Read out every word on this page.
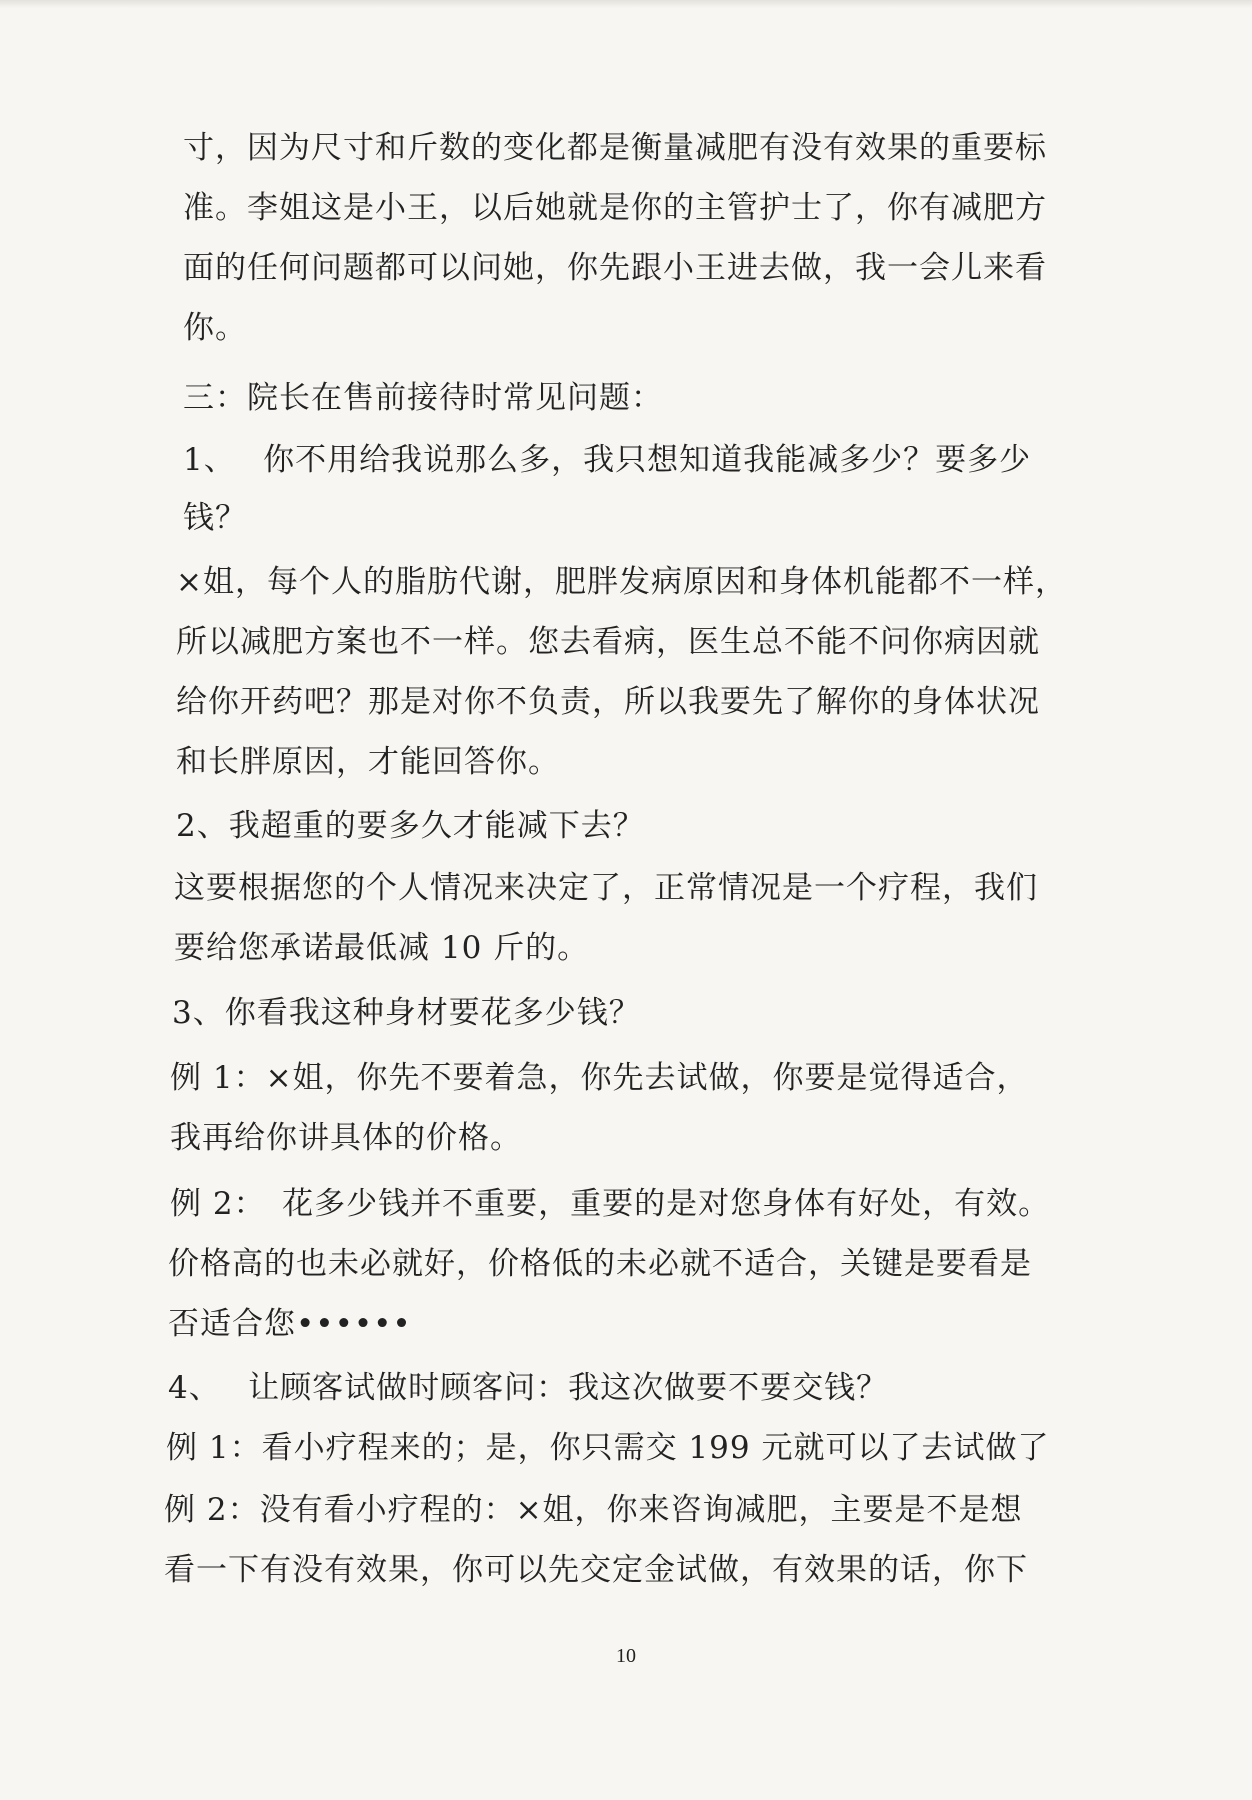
寸，因为尺寸和斤数的变化都是衡量减肥有没有效果的重要标
准。李姐这是小王，以后她就是你的主管护士了，你有减肥方
面的任何问题都可以问她，你先跟小王进去做，我一会儿来看
你。
三：院长在售前接待时常见问题：
1、　 你不用给我说那么多，我只想知道我能减多少？要多少
钱？
×姐，每个人的脂肪代谢，肥胖发病原因和身体机能都不一样，
所以减肥方案也不一样。您去看病，医生总不能不问你病因就
给你开药吧？那是对你不负责，所以我要先了解你的身体状况
和长胖原因，才能回答你。
2、我超重的要多久才能减下去？
这要根据您的个人情况来决定了，正常情况是一个疗程，我们
要给您承诺最低减 10 斤的。
3、你看我这种身材要花多少钱？
例 1：×姐，你先不要着急，你先去试做，你要是觉得适合，
我再给你讲具体的价格。
例 2：　花多少钱并不重要，重要的是对您身体有好处，有效。
价格高的也未必就好，价格低的未必就不适合，关键是要看是
否适合您••••••
4、　 让顾客试做时顾客问：我这次做要不要交钱？
例 1：看小疗程来的；是，你只需交 199 元就可以了去试做了
例 2：没有看小疗程的：×姐，你来咨询减肥，主要是不是想
看一下有没有效果，你可以先交定金试做，有效果的话，你下
10
